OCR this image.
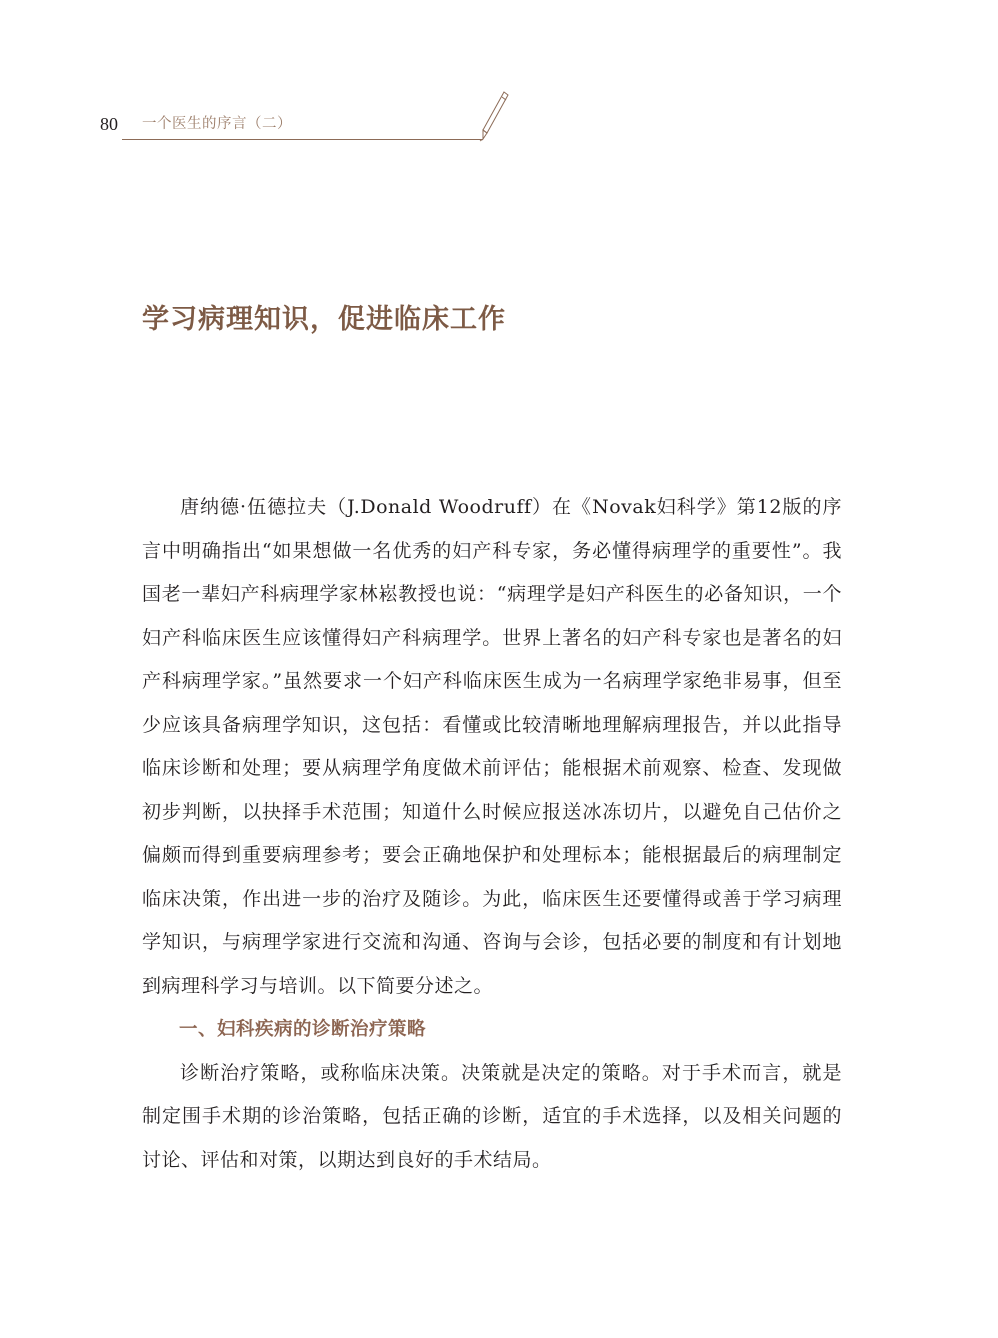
80 一个医生的序言（二）
学习病理知识，促进临床工作

唐纳德·伍德拉夫（J.Donald Woodruff）在《Novak妇科学》第12版的序言中明确指出“如果想做一名优秀的妇产科专家，务必懂得病理学的重要性”。我国老一辈妇产科病理学家林崧教授也说：“病理学是妇产科医生的必备知识，一个妇产科临床医生应该懂得妇产科病理学。世界上著名的妇产科专家也是著名的妇产科病理学家。”虽然要求一个妇产科临床医生成为一名病理学家绝非易事，但至少应该具备病理学知识，这包括：看懂或比较清晰地理解病理报告，并以此指导临床诊断和处理；要从病理学角度做术前评估；能根据术前观察、检查、发现做初步判断，以抉择手术范围；知道什么时候应报送冰冻切片，以避免自己估价之偏颇而得到重要病理参考；要会正确地保护和处理标本；能根据最后的病理制定临床决策，作出进一步的治疗及随诊。为此，临床医生还要懂得或善于学习病理学知识，与病理学家进行交流和沟通、咨询与会诊，包括必要的制度和有计划地到病理科学习与培训。以下简要分述之。

一、妇科疾病的诊断治疗策略

诊断治疗策略，或称临床决策。决策就是决定的策略。对于手术而言，就是制定围手术期的诊治策略，包括正确的诊断，适宜的手术选择，以及相关问题的讨论、评估和对策，以期达到良好的手术结局。
